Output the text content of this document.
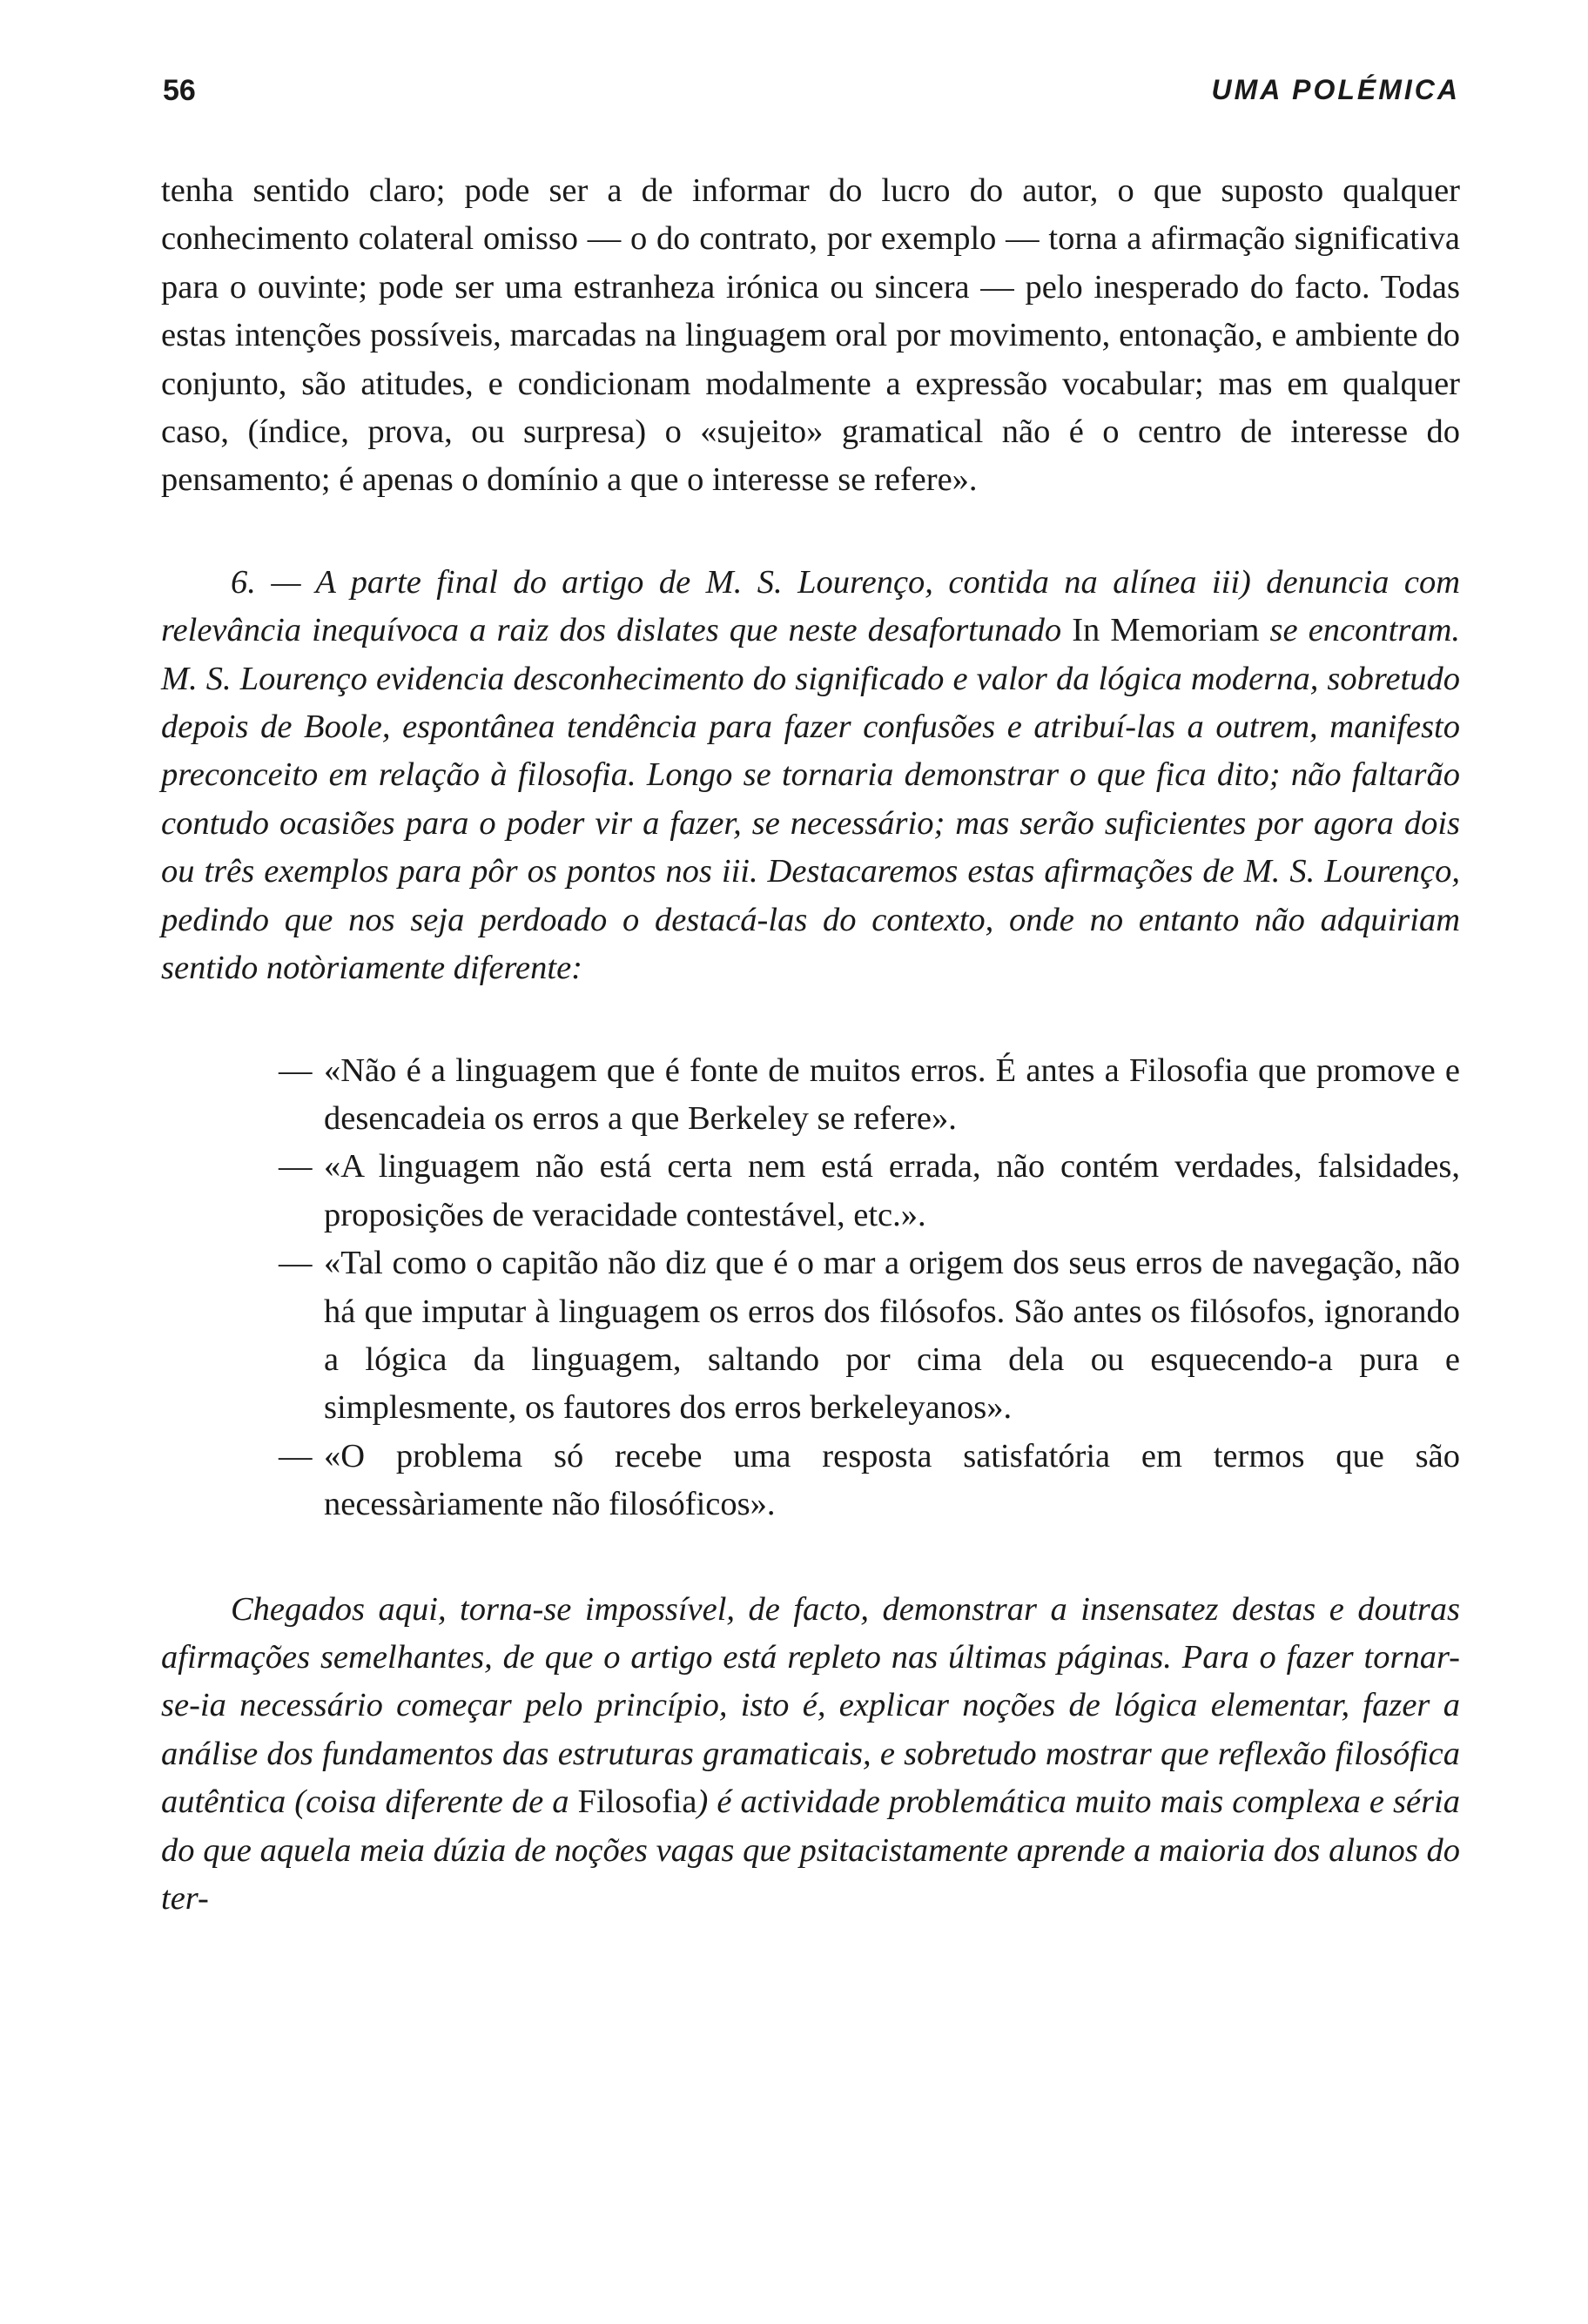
56	UMA POLÉMICA

tenha sentido claro; pode ser a de informar do lucro do autor, o que suposto qualquer conhecimento colateral omisso — o do contrato, por exemplo — torna a afirmação significativa para o ouvinte; pode ser uma estranheza irónica ou sincera — pelo inesperado do facto. Todas estas intenções possíveis, marcadas na linguagem oral por movimento, entonação, e ambiente do conjunto, são atitudes, e condicionam modalmente a expressão vocabular; mas em qualquer caso, (índice, prova, ou surpresa) o «sujeito» gramatical não é o centro de interesse do pensamento; é apenas o domínio a que o interesse se refere».

6. — A parte final do artigo de M. S. Lourenço, contida na alínea iii) denuncia com relevância inequívoca a raiz dos dislates que neste desafortunado In Memoriam se encontram. M. S. Lourenço evidencia desconhecimento do significado e valor da lógica moderna, sobretudo depois de Boole, espontânea tendência para fazer confusões e atribuí-las a outrem, manifesto preconceito em relação à filosofia. Longo se tornaria demonstrar o que fica dito; não faltarão contudo ocasiões para o poder vir a fazer, se necessário; mas serão suficientes por agora dois ou três exemplos para pôr os pontos nos iii. Destacaremos estas afirmações de M. S. Lourenço, pedindo que nos seja perdoado o destacá-las do contexto, onde no entanto não adquiriam sentido notòriamente diferente:

— «Não é a linguagem que é fonte de muitos erros. É antes a Filosofia que promove e desencadeia os erros a que Berkeley se refere».
— «A linguagem não está certa nem está errada, não contém verdades, falsidades, proposições de veracidade contestável, etc.».
— «Tal como o capitão não diz que é o mar a origem dos seus erros de navegação, não há que imputar à linguagem os erros dos filósofos. São antes os filósofos, ignorando a lógica da linguagem, saltando por cima dela ou esquecendo-a pura e simplesmente, os fautores dos erros berkeleyanos».
— «O problema só recebe uma resposta satisfatória em termos que são necessàriamente não filosóficos».

Chegados aqui, torna-se impossível, de facto, demonstrar a insensatez destas e doutras afirmações semelhantes, de que o artigo está repleto nas últimas páginas. Para o fazer tornar-se-ia necessário começar pelo princípio, isto é, explicar noções de lógica elementar, fazer a análise dos fundamentos das estruturas gramaticais, e sobretudo mostrar que reflexão filosófica autêntica (coisa diferente de a Filosofia) é actividade problemática muito mais complexa e séria do que aquela meia dúzia de noções vagas que psitacistamente aprende a maioria dos alunos do ter-
